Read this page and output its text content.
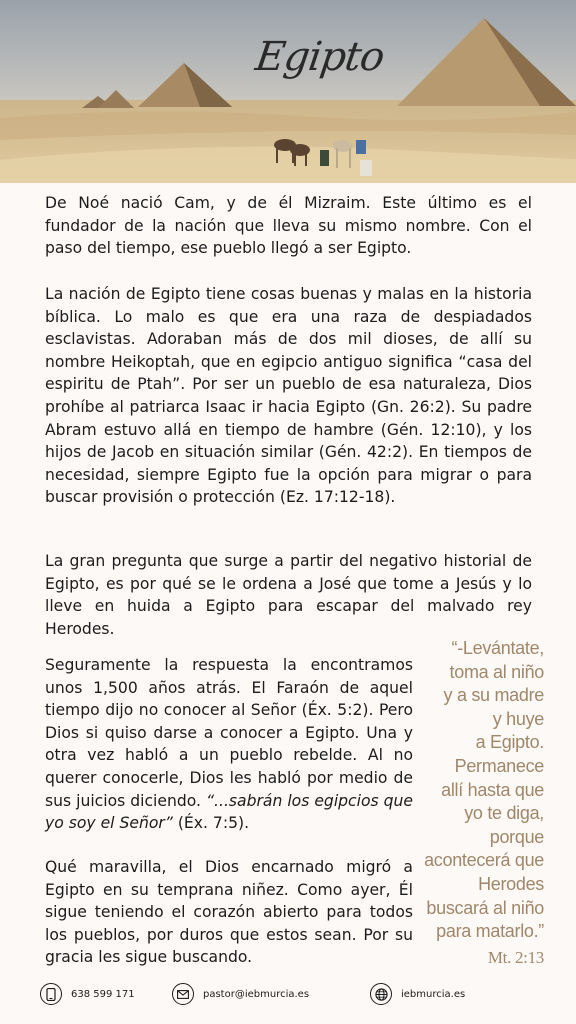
Egipto

De Noé nació Cam, y de él Mizraim. Este último es el fundador de la nación que lleva su mismo nombre. Con el paso del tiempo, ese pueblo llegó a ser Egipto.

La nación de Egipto tiene cosas buenas y malas en la historia bíblica. Lo malo es que era una raza de despiadados esclavistas. Adoraban más de dos mil dioses, de allí su nombre Heikoptah, que en egipcio antiguo significa “casa del espiritu de Ptah”. Por ser un pueblo de esa naturaleza, Dios prohíbe al patriarca Isaac ir hacia Egipto (Gn. 26:2). Su padre Abram estuvo allá en tiempo de hambre (Gén. 12:10), y los hijos de Jacob en situación similar (Gén. 42:2). En tiempos de necesidad, siempre Egipto fue la opción para migrar o para buscar provisión o protección (Ez. 17:12-18).

La gran pregunta que surge a partir del negativo historial de Egipto, es por qué se le ordena a José que tome a Jesús y lo lleve en huida a Egipto para escapar del malvado rey Herodes.

Seguramente la respuesta la encontramos unos 1,500 años atrás. El Faraón de aquel tiempo dijo no conocer al Señor (Éx. 5:2). Pero Dios si quiso darse a conocer a Egipto. Una y otra vez habló a un pueblo rebelde. Al no querer conocerle, Dios les habló por medio de sus juicios diciendo. “...sabrán los egipcios que yo soy el Señor” (Éx. 7:5).

Qué maravilla, el Dios encarnado migró a Egipto en su temprana niñez. Como ayer, Él sigue teniendo el corazón abierto para todos los pueblos, por duros que estos sean. Por su gracia les sigue buscando.

“-Levántate,
toma al niño
y a su madre
y huye
a Egipto.
Permanece
allí hasta que
yo te diga,
porque
acontecerá que
Herodes
buscará al niño
para matarlo.”
Mt. 2:13
638 599 171	pastor@iebmurcia.es	iebmurcia.es
